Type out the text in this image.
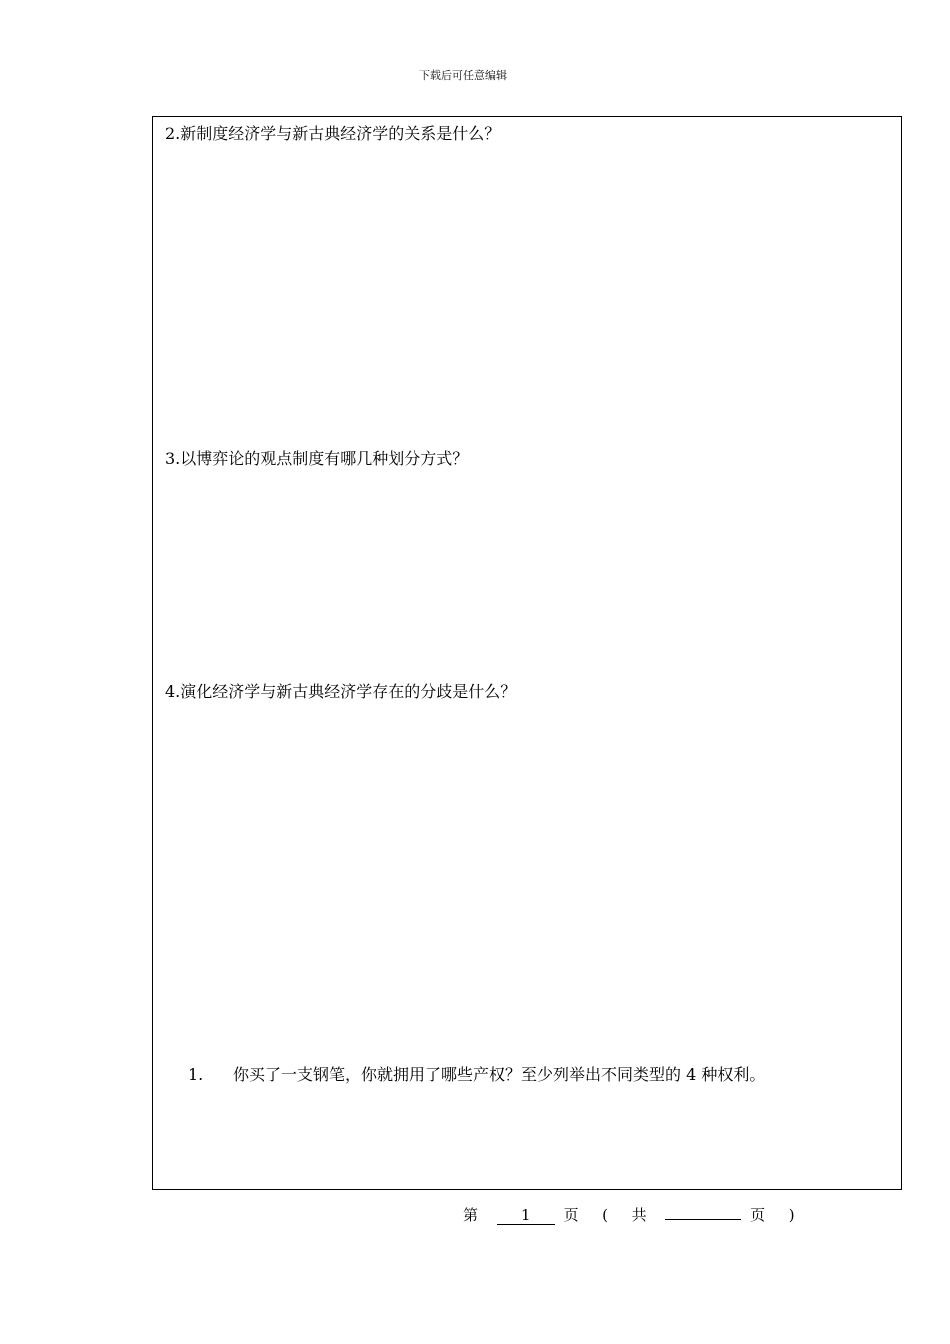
下载后可任意编辑
2.新制度经济学与新古典经济学的关系是什么？
3.以博弈论的观点制度有哪几种划分方式？
4.演化经济学与新古典经济学存在的分歧是什么？
1. 你买了一支钢笔，你就拥用了哪些产权？至少列举出不同类型的 4 种权利。
第	1 页 ( 共	页 )
